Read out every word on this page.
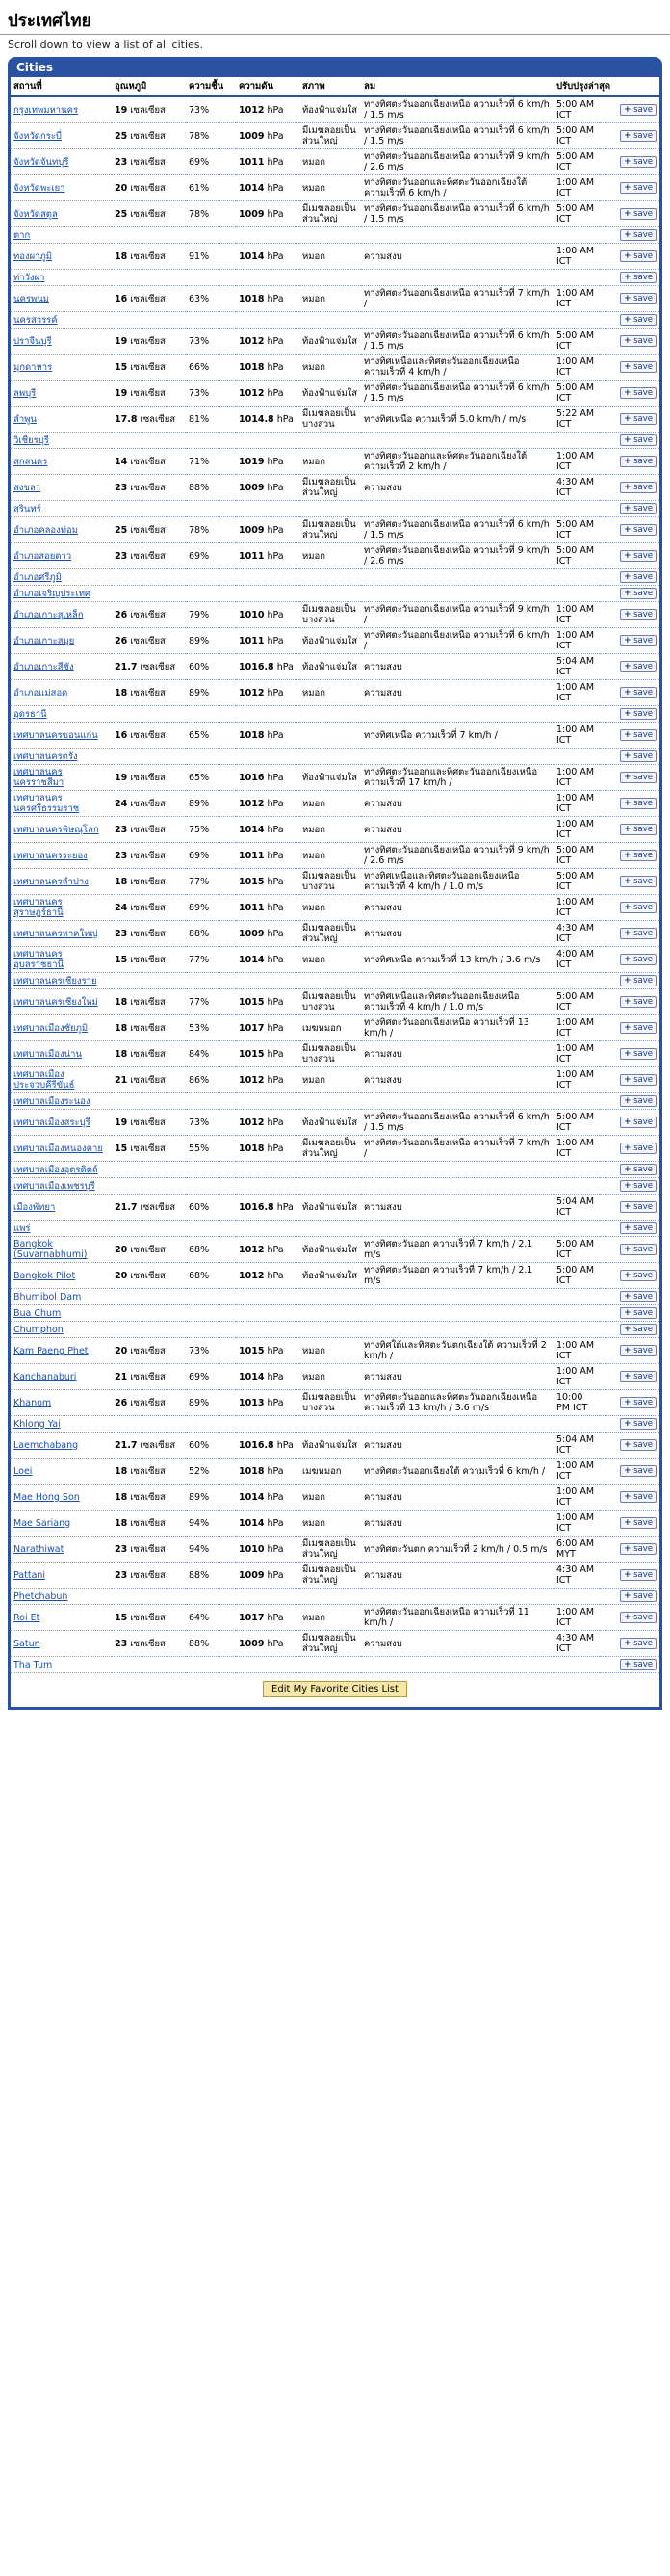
ประเทศไทย
Scroll down to view a list of all cities.
Cities
สถานที่	อุณหภูมิ	ความชื้น	ความดัน	สภาพ	ลม	ปรับปรุงล่าสุด	
กรุงเทพมหานคร	19 เซลเซียส	73%	1012 hPa	ท้องฟ้าแจ่มใส	ทางทิศตะวันออกเฉียงเหนือ ความเร็วที่ 6 km/h / 1.5 m/s	5:00 AM ICT	+ save
จังหวัดกระบี่	25 เซลเซียส	78%	1009 hPa	มีเมฆลอยเป็นส่วนใหญ่	ทางทิศตะวันออกเฉียงเหนือ ความเร็วที่ 6 km/h / 1.5 m/s	5:00 AM ICT	+ save
จังหวัดจันทบุรี	23 เซลเซียส	69%	1011 hPa	หมอก	ทางทิศตะวันออกเฉียงเหนือ ความเร็วที่ 9 km/h / 2.6 m/s	5:00 AM ICT	+ save
จังหวัดพะเยา	20 เซลเซียส	61%	1014 hPa	หมอก	ทางทิศตะวันออกและทิศตะวันออกเฉียงใต้ ความเร็วที่ 6 km/h /	1:00 AM ICT	+ save
จังหวัดสตูล	25 เซลเซียส	78%	1009 hPa	มีเมฆลอยเป็นส่วนใหญ่	ทางทิศตะวันออกเฉียงเหนือ ความเร็วที่ 6 km/h / 1.5 m/s	5:00 AM ICT	+ save
ตาก							+ save
ทองผาภูมิ	18 เซลเซียส	91%	1014 hPa	หมอก	ความสงบ	1:00 AM ICT	+ save
ท่าวังผา							+ save
นครพนม	16 เซลเซียส	63%	1018 hPa	หมอก	ทางทิศตะวันออกเฉียงเหนือ ความเร็วที่ 7 km/h /	1:00 AM ICT	+ save
นครสวรรค์							+ save
ปราจีนบุรี	19 เซลเซียส	73%	1012 hPa	ท้องฟ้าแจ่มใส	ทางทิศตะวันออกเฉียงเหนือ ความเร็วที่ 6 km/h / 1.5 m/s	5:00 AM ICT	+ save
มุกดาหาร	15 เซลเซียส	66%	1018 hPa	หมอก	ทางทิศเหนือและทิศตะวันออกเฉียงเหนือ ความเร็วที่ 4 km/h /	1:00 AM ICT	+ save
ลพบุรี	19 เซลเซียส	73%	1012 hPa	ท้องฟ้าแจ่มใส	ทางทิศตะวันออกเฉียงเหนือ ความเร็วที่ 6 km/h / 1.5 m/s	5:00 AM ICT	+ save
ลำพูน	17.8 เซลเซียส	81%	1014.8 hPa	มีเมฆลอยเป็นบางส่วน	ทางทิศเหนือ ความเร็วที่ 5.0 km/h / m/s	5:22 AM ICT	+ save
วิเชียรบุรี							+ save
สกลนคร	14 เซลเซียส	71%	1019 hPa	หมอก	ทางทิศตะวันออกและทิศตะวันออกเฉียงใต้ ความเร็วที่ 2 km/h /	1:00 AM ICT	+ save
สงขลา	23 เซลเซียส	88%	1009 hPa	มีเมฆลอยเป็นส่วนใหญ่	ความสงบ	4:30 AM ICT	+ save
สุรินทร์							+ save
อำเภอคลองท่อม	25 เซลเซียส	78%	1009 hPa	มีเมฆลอยเป็นส่วนใหญ่	ทางทิศตะวันออกเฉียงเหนือ ความเร็วที่ 6 km/h / 1.5 m/s	5:00 AM ICT	+ save
อำเภอสอยดาว	23 เซลเซียส	69%	1011 hPa	หมอก	ทางทิศตะวันออกเฉียงเหนือ ความเร็วที่ 9 km/h / 2.6 m/s	5:00 AM ICT	+ save
อำเภอศรีภูมิ							+ save
อำเภอเจริญประเทศ							+ save
อำเภอเกาะสุเหล็ก	26 เซลเซียส	79%	1010 hPa	มีเมฆลอยเป็นบางส่วน	ทางทิศตะวันออกเฉียงเหนือ ความเร็วที่ 9 km/h /	1:00 AM ICT	+ save
อำเภอเกาะสมุย	26 เซลเซียส	89%	1011 hPa	ท้องฟ้าแจ่มใส	ทางทิศตะวันออกเฉียงเหนือ ความเร็วที่ 6 km/h /	1:00 AM ICT	+ save
อำเภอเกาะสีชัง	21.7 เซลเซียส	60%	1016.8 hPa	ท้องฟ้าแจ่มใส	ความสงบ	5:04 AM ICT	+ save
อำเภอแม่สอด	18 เซลเซียส	89%	1012 hPa	หมอก	ความสงบ	1:00 AM ICT	+ save
อุดรธานี							+ save
เทศบาลนครขอนแก่น	16 เซลเซียส	65%	1018 hPa		ทางทิศเหนือ ความเร็วที่ 7 km/h /	1:00 AM ICT	+ save
เทศบาลนครตรัง							+ save
เทศบาลนครนครราชสีมา	19 เซลเซียส	65%	1016 hPa	ท้องฟ้าแจ่มใส	ทางทิศตะวันออกและทิศตะวันออกเฉียงเหนือ ความเร็วที่ 17 km/h /	1:00 AM ICT	+ save
เทศบาลนครนครศรีธรรมราช	24 เซลเซียส	89%	1012 hPa	หมอก	ความสงบ	1:00 AM ICT	+ save
เทศบาลนครพิษณุโลก	23 เซลเซียส	75%	1014 hPa	หมอก	ความสงบ	1:00 AM ICT	+ save
เทศบาลนครระยอง	23 เซลเซียส	69%	1011 hPa	หมอก	ทางทิศตะวันออกเฉียงเหนือ ความเร็วที่ 9 km/h / 2.6 m/s	5:00 AM ICT	+ save
เทศบาลนครลำปาง	18 เซลเซียส	77%	1015 hPa	มีเมฆลอยเป็นบางส่วน	ทางทิศเหนือและทิศตะวันออกเฉียงเหนือ ความเร็วที่ 4 km/h / 1.0 m/s	5:00 AM ICT	+ save
เทศบาลนครสุราษฎร์ธานี	24 เซลเซียส	89%	1011 hPa	หมอก	ความสงบ	1:00 AM ICT	+ save
เทศบาลนครหาดใหญ่	23 เซลเซียส	88%	1009 hPa	มีเมฆลอยเป็นส่วนใหญ่	ความสงบ	4:30 AM ICT	+ save
เทศบาลนครอุบลราชธานี	15 เซลเซียส	77%	1014 hPa	หมอก	ทางทิศเหนือ ความเร็วที่ 13 km/h / 3.6 m/s	4:00 AM ICT	+ save
เทศบาลนครเชียงราย							+ save
เทศบาลนครเชียงใหม่	18 เซลเซียส	77%	1015 hPa	มีเมฆลอยเป็นบางส่วน	ทางทิศเหนือและทิศตะวันออกเฉียงเหนือ ความเร็วที่ 4 km/h / 1.0 m/s	5:00 AM ICT	+ save
เทศบาลเมืองชัยภูมิ	18 เซลเซียส	53%	1017 hPa	เมฆหมอก	ทางทิศตะวันออกเฉียงเหนือ ความเร็วที่ 13 km/h /	1:00 AM ICT	+ save
เทศบาลเมืองน่าน	18 เซลเซียส	84%	1015 hPa	มีเมฆลอยเป็นบางส่วน	ความสงบ	1:00 AM ICT	+ save
เทศบาลเมืองประจวบคีรีขันธ์	21 เซลเซียส	86%	1012 hPa	หมอก	ความสงบ	1:00 AM ICT	+ save
เทศบาลเมืองระนอง							+ save
เทศบาลเมืองสระบุรี	19 เซลเซียส	73%	1012 hPa	ท้องฟ้าแจ่มใส	ทางทิศตะวันออกเฉียงเหนือ ความเร็วที่ 6 km/h / 1.5 m/s	5:00 AM ICT	+ save
เทศบาลเมืองหนองคาย	15 เซลเซียส	55%	1018 hPa	มีเมฆลอยเป็นส่วนใหญ่	ทางทิศตะวันออกเฉียงเหนือ ความเร็วที่ 7 km/h /	1:00 AM ICT	+ save
เทศบาลเมืองอุตรดิตถ์							+ save
เทศบาลเมืองเพชรบุรี							+ save
เมืองพัทยา	21.7 เซลเซียส	60%	1016.8 hPa	ท้องฟ้าแจ่มใส	ความสงบ	5:04 AM ICT	+ save
แพร่							+ save
Bangkok (Suvarnabhumi)	20 เซลเซียส	68%	1012 hPa	ท้องฟ้าแจ่มใส	ทางทิศตะวันออก ความเร็วที่ 7 km/h / 2.1 m/s	5:00 AM ICT	+ save
Bangkok Pilot	20 เซลเซียส	68%	1012 hPa	ท้องฟ้าแจ่มใส	ทางทิศตะวันออก ความเร็วที่ 7 km/h / 2.1 m/s	5:00 AM ICT	+ save
Bhumibol Dam							+ save
Bua Chum							+ save
Chumphon							+ save
Kam Paeng Phet	20 เซลเซียส	73%	1015 hPa	หมอก	ทางทิศใต้และทิศตะวันตกเฉียงใต้ ความเร็วที่ 2 km/h /	1:00 AM ICT	+ save
Kanchanaburi	21 เซลเซียส	69%	1014 hPa	หมอก	ความสงบ	1:00 AM ICT	+ save
Khanom	26 เซลเซียส	89%	1013 hPa	มีเมฆลอยเป็นบางส่วน	ทางทิศตะวันออกและทิศตะวันออกเฉียงเหนือ ความเร็วที่ 13 km/h / 3.6 m/s	10:00 PM ICT	+ save
Khlong Yai							+ save
Laemchabang	21.7 เซลเซียส	60%	1016.8 hPa	ท้องฟ้าแจ่มใส	ความสงบ	5:04 AM ICT	+ save
Loei	18 เซลเซียส	52%	1018 hPa	เมฆหมอก	ทางทิศตะวันออกเฉียงใต้ ความเร็วที่ 6 km/h /	1:00 AM ICT	+ save
Mae Hong Son	18 เซลเซียส	89%	1014 hPa	หมอก	ความสงบ	1:00 AM ICT	+ save
Mae Sariang	18 เซลเซียส	94%	1014 hPa	หมอก	ความสงบ	1:00 AM ICT	+ save
Narathiwat	23 เซลเซียส	94%	1010 hPa	มีเมฆลอยเป็นส่วนใหญ่	ทางทิศตะวันตก ความเร็วที่ 2 km/h / 0.5 m/s	6:00 AM MYT	+ save
Pattani	23 เซลเซียส	88%	1009 hPa	มีเมฆลอยเป็นส่วนใหญ่	ความสงบ	4:30 AM ICT	+ save
Phetchabun							+ save
Roi Et	15 เซลเซียส	64%	1017 hPa	หมอก	ทางทิศตะวันออกเฉียงเหนือ ความเร็วที่ 11 km/h /	1:00 AM ICT	+ save
Satun	23 เซลเซียส	88%	1009 hPa	มีเมฆลอยเป็นส่วนใหญ่	ความสงบ	4:30 AM ICT	+ save
Tha Tum							+ save
Edit My Favorite Cities List
